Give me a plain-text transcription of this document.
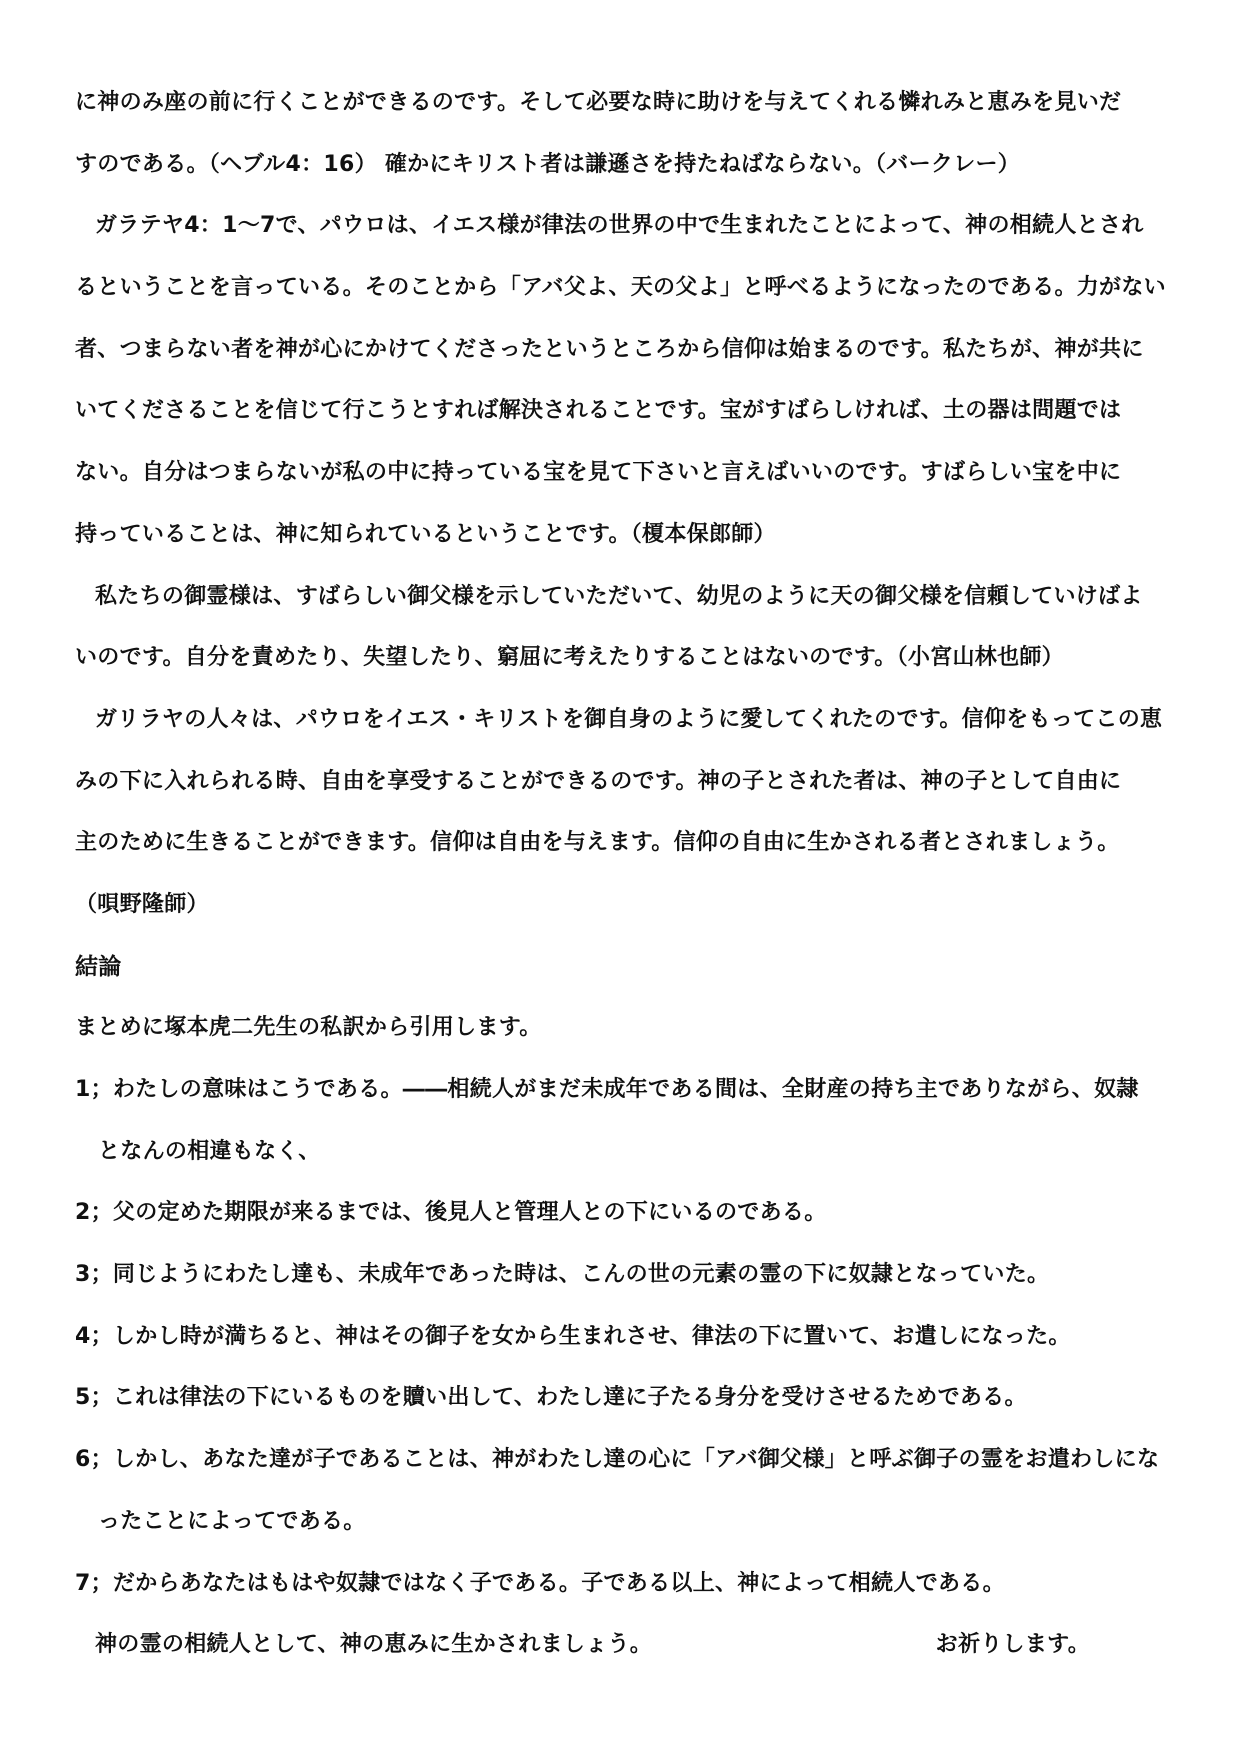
に神のみ座の前に行くことができるのです。そして必要な時に助けを与えてくれる憐れみと恵みを見いだ
すのである。（ヘブル4：16） 確かにキリスト者は謙遜さを持たねばならない。（バークレー）
ガラテヤ4：1～7で、パウロは、イエス様が律法の世界の中で生まれたことによって、神の相続人とされ
るということを言っている。そのことから「アバ父よ、天の父よ」と呼べるようになったのである。力がない
者、つまらない者を神が心にかけてくださったというところから信仰は始まるのです。私たちが、神が共に
いてくださることを信じて行こうとすれば解決されることです。宝がすばらしければ、土の器は問題では
ない。自分はつまらないが私の中に持っている宝を見て下さいと言えばいいのです。すばらしい宝を中に
持っていることは、神に知られているということです。（榎本保郎師）
私たちの御霊様は、すばらしい御父様を示していただいて、幼児のように天の御父様を信頼していけばよ
いのです。自分を責めたり、失望したり、窮屈に考えたりすることはないのです。（小宮山林也師）
ガリラヤの人々は、パウロをイエス・キリストを御自身のように愛してくれたのです。信仰をもってこの恵
みの下に入れられる時、自由を享受することができるのです。神の子とされた者は、神の子として自由に
主のために生きることができます。信仰は自由を与えます。信仰の自由に生かされる者とされましょう。
（唄野隆師）
結論
まとめに塚本虎二先生の私訳から引用します。
1；わたしの意味はこうである。――相続人がまだ未成年である間は、全財産の持ち主でありながら、奴隷
となんの相違もなく、
2；父の定めた期限が来るまでは、後見人と管理人との下にいるのである。
3；同じようにわたし達も、未成年であった時は、こんの世の元素の霊の下に奴隷となっていた。
4；しかし時が満ちると、神はその御子を女から生まれさせ、律法の下に置いて、お遣しになった。
5；これは律法の下にいるものを贖い出して、わたし達に子たる身分を受けさせるためである。
6；しかし、あなた達が子であることは、神がわたし達の心に「アバ御父様」と呼ぶ御子の霊をお遣わしにな
ったことによってである。
7；だからあなたはもはや奴隷ではなく子である。子である以上、神によって相続人である。
神の霊の相続人として、神の恵みに生かされましょう。	お祈りします。
